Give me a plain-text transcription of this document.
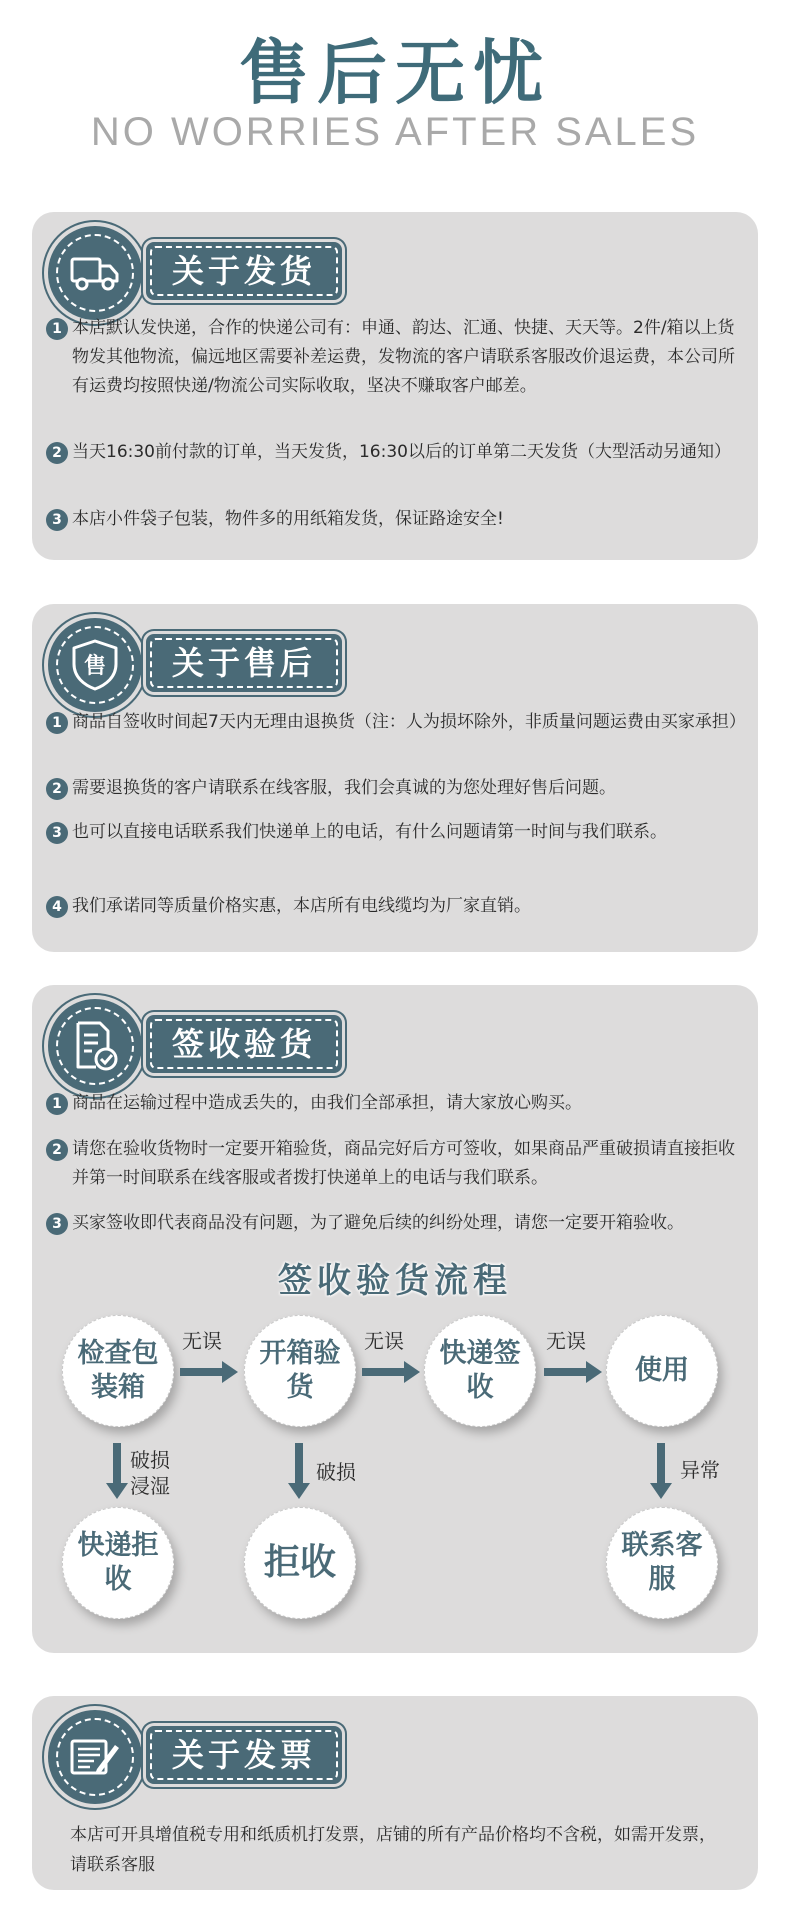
售后无忧
NO WORRIES AFTER SALES
关于发货
1 本店默认发快递，合作的快递公司有：申通、韵达、汇通、快捷、天天等。2件/箱以上货物发其他物流，偏远地区需要补差运费，发物流的客户请联系客服改价退运费，本公司所有运费均按照快递/物流公司实际收取，坚决不赚取客户邮差。
2 当天16:30前付款的订单，当天发货，16:30以后的订单第二天发货（大型活动另通知）
3 本店小件袋子包装，物件多的用纸箱发货，保证路途安全!
售	关于售后
1 商品自签收时间起7天内无理由退换货（注：人为损坏除外，非质量问题运费由买家承担）
2 需要退换货的客户请联系在线客服，我们会真诚的为您处理好售后问题。
3 也可以直接电话联系我们快递单上的电话，有什么问题请第一时间与我们联系。
4 我们承诺同等质量价格实惠，本店所有电线缆均为厂家直销。
签收验货
1 商品在运输过程中造成丢失的，由我们全部承担，请大家放心购买。
2 请您在验收货物时一定要开箱验货，商品完好后方可签收，如果商品严重破损请直接拒收并第一时间联系在线客服或者拨打快递单上的电话与我们联系。
3 买家签收即代表商品没有问题，为了避免后续的纠纷处理，请您一定要开箱验收。
签收验货流程
检查包装箱
开箱验货
快递签收
使用
无误	无误	无误
破损浸湿
破损	异常
快递拒收	拒收	联系客服
关于发票
本店可开具增值税专用和纸质机打发票，店铺的所有产品价格均不含税，如需开发票，请联系客服
